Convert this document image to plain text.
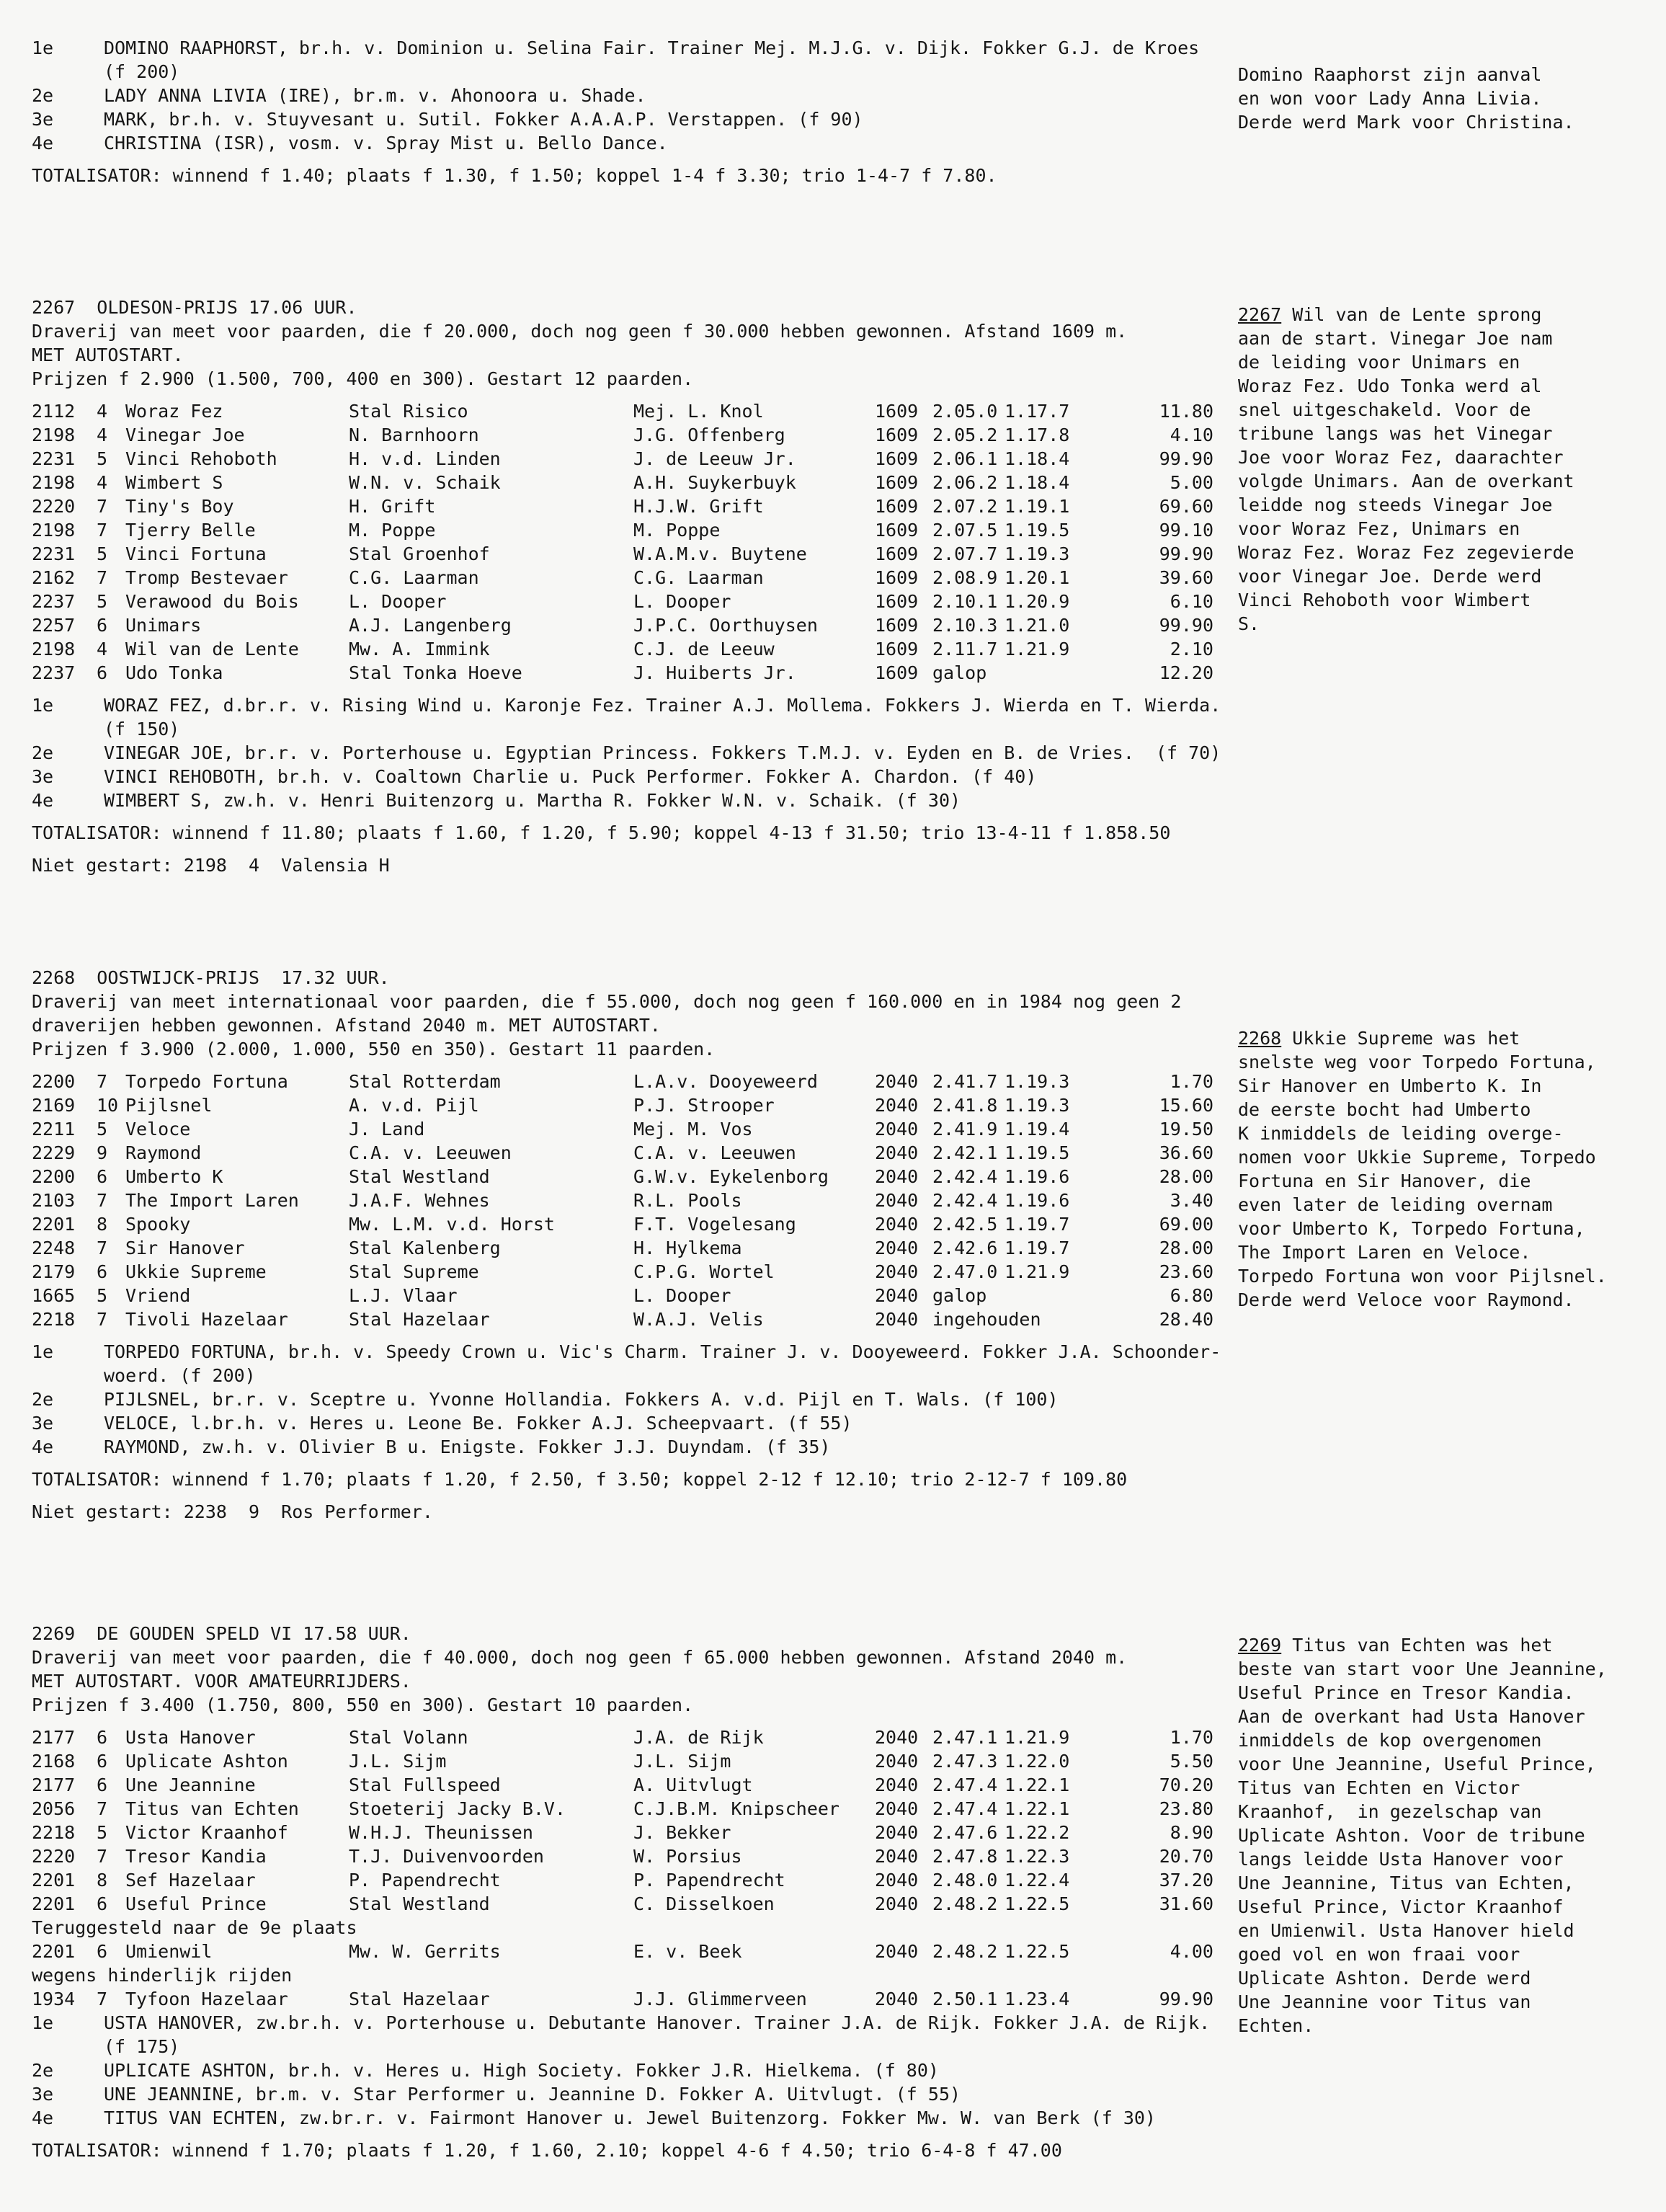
1e	DOMINO RAAPHORST, br.h. v. Dominion u. Selina Fair. Trainer Mej. M.J.G. v. Dijk. Fokker G.J. de Kroes
(f 200)
2e	LADY ANNA LIVIA (IRE), br.m. v. Ahonoora u. Shade.
3e	MARK, br.h. v. Stuyvesant u. Sutil. Fokker A.A.A.P. Verstappen. (f 90)
4e	CHRISTINA (ISR), vosm. v. Spray Mist u. Bello Dance.
TOTALISATOR: winnend f 1.40; plaats f 1.30, f 1.50; koppel 1-4 f 3.30; trio 1-4-7 f 7.80.
Domino Raaphorst zijn aanval
en won voor Lady Anna Livia.
Derde werd Mark voor Christina.
2267  OLDESON-PRIJS 17.06 UUR.
Draverij van meet voor paarden, die f 20.000, doch nog geen f 30.000 hebben gewonnen. Afstand 1609 m.
MET AUTOSTART.
Prijzen f 2.900 (1.500, 700, 400 en 300). Gestart 12 paarden.
2112 4 Woraz Fez	Stal Risico	Mej. L. Knol	1609 2.05.0 1.17.7	11.80
2198 4 Vinegar Joe	N. Barnhoorn	J.G. Offenberg	1609 2.05.2 1.17.8	4.10
2231 5 Vinci Rehoboth	H. v.d. Linden	J. de Leeuw Jr.	1609 2.06.1 1.18.4	99.90
2198 4 Wimbert S	W.N. v. Schaik	A.H. Suykerbuyk	1609 2.06.2 1.18.4	5.00
2220 7 Tiny's Boy	H. Grift	H.J.W. Grift	1609 2.07.2 1.19.1	69.60
2198 7 Tjerry Belle	M. Poppe	M. Poppe	1609 2.07.5 1.19.5	99.10
2231 5 Vinci Fortuna	Stal Groenhof	W.A.M.v. Buytene	1609 2.07.7 1.19.3	99.90
2162 7 Tromp Bestevaer	C.G. Laarman	C.G. Laarman	1609 2.08.9 1.20.1	39.60
2237 5 Verawood du Bois	L. Dooper	L. Dooper	1609 2.10.1 1.20.9	6.10
2257 6 Unimars	A.J. Langenberg	J.P.C. Oorthuysen	1609 2.10.3 1.21.0	99.90
2198 4 Wil van de Lente	Mw. A. Immink	C.J. de Leeuw	1609 2.11.7 1.21.9	2.10
2237 6 Udo Tonka	Stal Tonka Hoeve	J. Huiberts Jr.	1609 galop	12.20
1e	WORAZ FEZ, d.br.r. v. Rising Wind u. Karonje Fez. Trainer A.J. Mollema. Fokkers J. Wierda en T. Wierda.
(f 150)
2e	VINEGAR JOE, br.r. v. Porterhouse u. Egyptian Princess. Fokkers T.M.J. v. Eyden en B. de Vries.  (f 70)
3e	VINCI REHOBOTH, br.h. v. Coaltown Charlie u. Puck Performer. Fokker A. Chardon. (f 40)
4e	WIMBERT S, zw.h. v. Henri Buitenzorg u. Martha R. Fokker W.N. v. Schaik. (f 30)
TOTALISATOR: winnend f 11.80; plaats f 1.60, f 1.20, f 5.90; koppel 4-13 f 31.50; trio 13-4-11 f 1.858.50
Niet gestart: 2198  4  Valensia H
2267 Wil van de Lente sprong
aan de start. Vinegar Joe nam
de leiding voor Unimars en
Woraz Fez. Udo Tonka werd al
snel uitgeschakeld. Voor de
tribune langs was het Vinegar
Joe voor Woraz Fez, daarachter
volgde Unimars. Aan de overkant
leidde nog steeds Vinegar Joe
voor Woraz Fez, Unimars en
Woraz Fez. Woraz Fez zegevierde
voor Vinegar Joe. Derde werd
Vinci Rehoboth voor Wimbert
S.
2268  OOSTWIJCK-PRIJS  17.32 UUR.
Draverij van meet internationaal voor paarden, die f 55.000, doch nog geen f 160.000 en in 1984 nog geen 2
draverijen hebben gewonnen. Afstand 2040 m. MET AUTOSTART.
Prijzen f 3.900 (2.000, 1.000, 550 en 350). Gestart 11 paarden.
2200 7 Torpedo Fortuna	Stal Rotterdam	L.A.v. Dooyeweerd	2040 2.41.7 1.19.3	1.70
2169 10 Pijlsnel	A. v.d. Pijl	P.J. Strooper	2040 2.41.8 1.19.3	15.60
2211 5 Veloce	J. Land	Mej. M. Vos	2040 2.41.9 1.19.4	19.50
2229 9 Raymond	C.A. v. Leeuwen	C.A. v. Leeuwen	2040 2.42.1 1.19.5	36.60
2200 6 Umberto K	Stal Westland	G.W.v. Eykelenborg	2040 2.42.4 1.19.6	28.00
2103 7 The Import Laren	J.A.F. Wehnes	R.L. Pools	2040 2.42.4 1.19.6	3.40
2201 8 Spooky	Mw. L.M. v.d. Horst	F.T. Vogelesang	2040 2.42.5 1.19.7	69.00
2248 7 Sir Hanover	Stal Kalenberg	H. Hylkema	2040 2.42.6 1.19.7	28.00
2179 6 Ukkie Supreme	Stal Supreme	C.P.G. Wortel	2040 2.47.0 1.21.9	23.60
1665 5 Vriend	L.J. Vlaar	L. Dooper	2040 galop	6.80
2218 7 Tivoli Hazelaar	Stal Hazelaar	W.A.J. Velis	2040 ingehouden	28.40
1e	TORPEDO FORTUNA, br.h. v. Speedy Crown u. Vic's Charm. Trainer J. v. Dooyeweerd. Fokker J.A. Schoonder-
woerd. (f 200)
2e	PIJLSNEL, br.r. v. Sceptre u. Yvonne Hollandia. Fokkers A. v.d. Pijl en T. Wals. (f 100)
3e	VELOCE, l.br.h. v. Heres u. Leone Be. Fokker A.J. Scheepvaart. (f 55)
4e	RAYMOND, zw.h. v. Olivier B u. Enigste. Fokker J.J. Duyndam. (f 35)
TOTALISATOR: winnend f 1.70; plaats f 1.20, f 2.50, f 3.50; koppel 2-12 f 12.10; trio 2-12-7 f 109.80
Niet gestart: 2238  9  Ros Performer.
2268 Ukkie Supreme was het
snelste weg voor Torpedo Fortuna,
Sir Hanover en Umberto K. In
de eerste bocht had Umberto
K inmiddels de leiding overge-
nomen voor Ukkie Supreme, Torpedo
Fortuna en Sir Hanover, die
even later de leiding overnam
voor Umberto K, Torpedo Fortuna,
The Import Laren en Veloce.
Torpedo Fortuna won voor Pijlsnel.
Derde werd Veloce voor Raymond.
2269  DE GOUDEN SPELD VI 17.58 UUR.
Draverij van meet voor paarden, die f 40.000, doch nog geen f 65.000 hebben gewonnen. Afstand 2040 m.
MET AUTOSTART. VOOR AMATEURRIJDERS.
Prijzen f 3.400 (1.750, 800, 550 en 300). Gestart 10 paarden.
2177 6 Usta Hanover	Stal Volann	J.A. de Rijk	2040 2.47.1 1.21.9	1.70
2168 6 Uplicate Ashton	J.L. Sijm	J.L. Sijm	2040 2.47.3 1.22.0	5.50
2177 6 Une Jeannine	Stal Fullspeed	A. Uitvlugt	2040 2.47.4 1.22.1	70.20
2056 7 Titus van Echten	Stoeterij Jacky B.V.	C.J.B.M. Knipscheer 2040 2.47.4 1.22.1	23.80
2218 5 Victor Kraanhof	W.H.J. Theunissen	J. Bekker	2040 2.47.6 1.22.2	8.90
2220 7 Tresor Kandia	T.J. Duivenvoorden	W. Porsius	2040 2.47.8 1.22.3	20.70
2201 8 Sef Hazelaar	P. Papendrecht	P. Papendrecht	2040 2.48.0 1.22.4	37.20
2201 6 Useful Prince	Stal Westland	C. Disselkoen	2040 2.48.2 1.22.5	31.60
Teruggesteld naar de 9e plaats
2201 6 Umienwil	Mw. W. Gerrits	E. v. Beek	2040 2.48.2 1.22.5	4.00
wegens hinderlijk rijden
1934 7 Tyfoon Hazelaar	Stal Hazelaar	J.J. Glimmerveen	2040 2.50.1 1.23.4	99.90
1e	USTA HANOVER, zw.br.h. v. Porterhouse u. Debutante Hanover. Trainer J.A. de Rijk. Fokker J.A. de Rijk.
(f 175)
2e	UPLICATE ASHTON, br.h. v. Heres u. High Society. Fokker J.R. Hielkema. (f 80)
3e	UNE JEANNINE, br.m. v. Star Performer u. Jeannine D. Fokker A. Uitvlugt. (f 55)
4e	TITUS VAN ECHTEN, zw.br.r. v. Fairmont Hanover u. Jewel Buitenzorg. Fokker Mw. W. van Berk (f 30)
TOTALISATOR: winnend f 1.70; plaats f 1.20, f 1.60, 2.10; koppel 4-6 f 4.50; trio 6-4-8 f 47.00
2269 Titus van Echten was het
beste van start voor Une Jeannine,
Useful Prince en Tresor Kandia.
Aan de overkant had Usta Hanover
inmiddels de kop overgenomen
voor Une Jeannine, Useful Prince,
Titus van Echten en Victor
Kraanhof,  in gezelschap van
Uplicate Ashton. Voor de tribune
langs leidde Usta Hanover voor
Une Jeannine, Titus van Echten,
Useful Prince, Victor Kraanhof
en Umienwil. Usta Hanover hield
goed vol en won fraai voor
Uplicate Ashton. Derde werd
Une Jeannine voor Titus van
Echten.
